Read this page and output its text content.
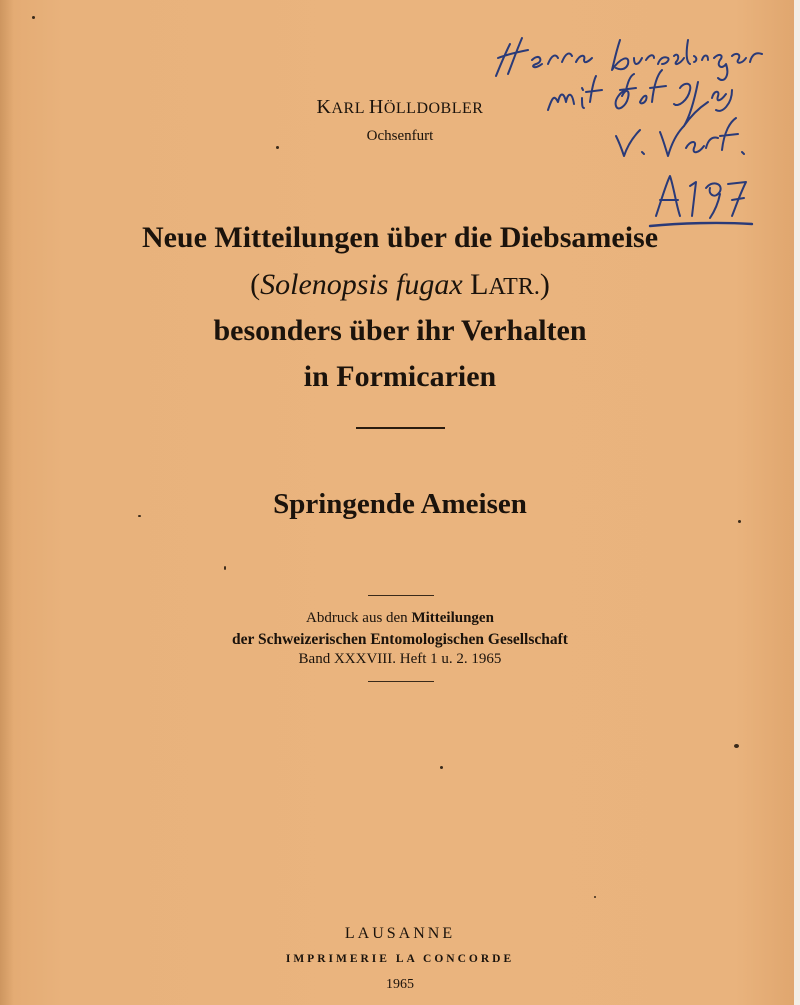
KARL HÖLLDOBLER
Ochsenfurt
Neue Mitteilungen über die Diebsameise
(Solenopsis fugax LATR.)
besonders über ihr Verhalten
in Formicarien
Springende Ameisen
Abdruck aus den Mitteilungen
der Schweizerischen Entomologischen Gesellschaft
Band XXXVIII. Heft 1 u. 2. 1965
LAUSANNE
IMPRIMERIE LA CONCORDE
1965
